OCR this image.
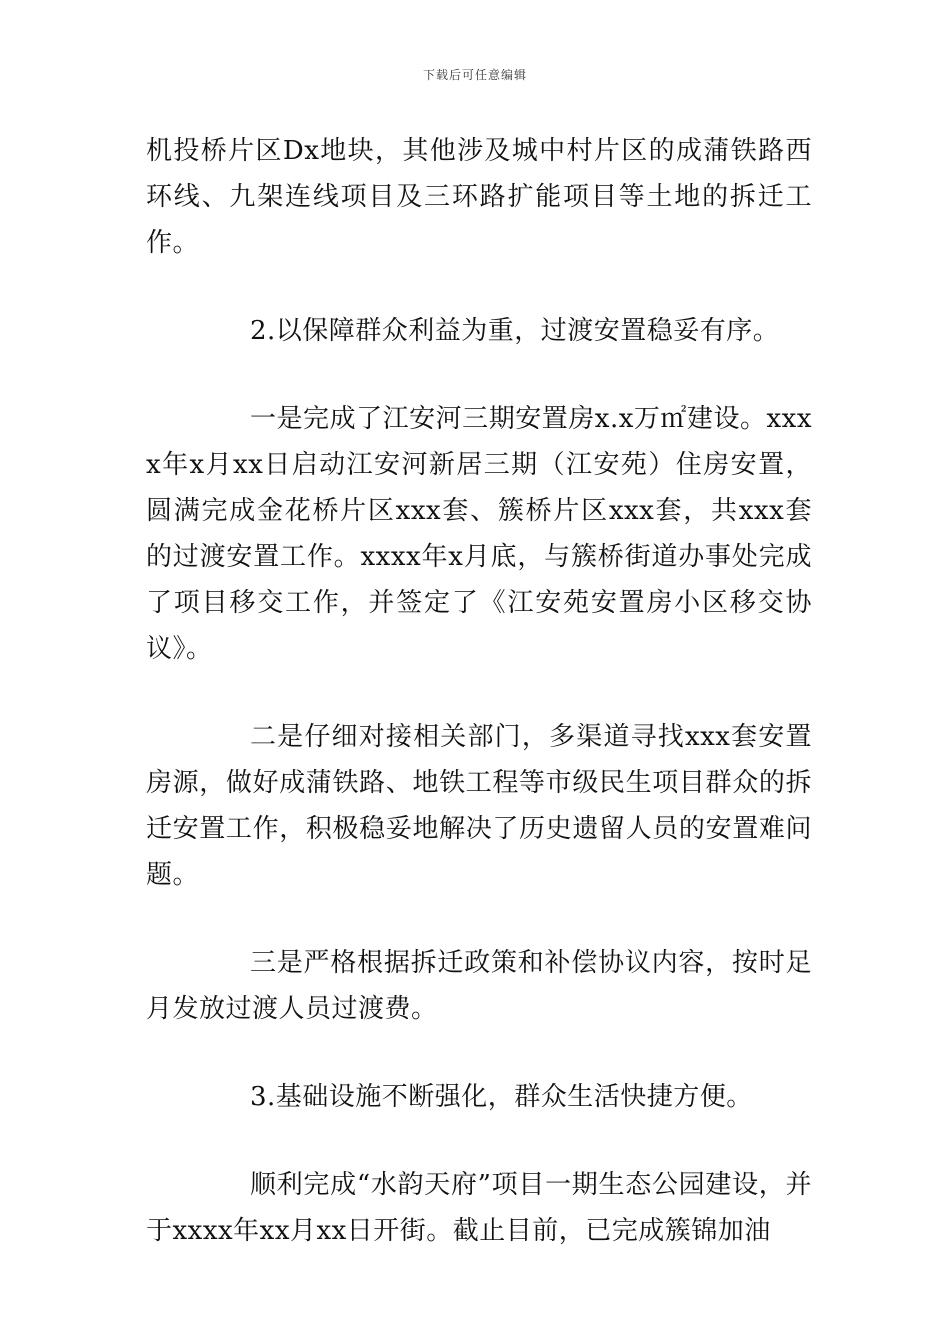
下载后可任意编辑

机投桥片区Dx地块，其他涉及城中村片区的成蒲铁路西环线、九架连线项目及三环路扩能项目等土地的拆迁工作。

2.以保障群众利益为重，过渡安置稳妥有序。

一是完成了江安河三期安置房x.x万㎡建设。xxxx年x月xx日启动江安河新居三期（江安苑）住房安置，圆满完成金花桥片区xxx套、簇桥片区xxx套，共xxx套的过渡安置工作。xxxx年x月底，与簇桥街道办事处完成了项目移交工作，并签定了《江安苑安置房小区移交协议》。

二是仔细对接相关部门，多渠道寻找xxx套安置房源，做好成蒲铁路、地铁工程等市级民生项目群众的拆迁安置工作，积极稳妥地解决了历史遗留人员的安置难问题。

三是严格根据拆迁政策和补偿协议内容，按时足月发放过渡人员过渡费。

3.基础设施不断强化，群众生活快捷方便。

顺利完成“水韵天府”项目一期生态公园建设，并于xxxx年xx月xx日开街。截止目前，已完成簇锦加油
